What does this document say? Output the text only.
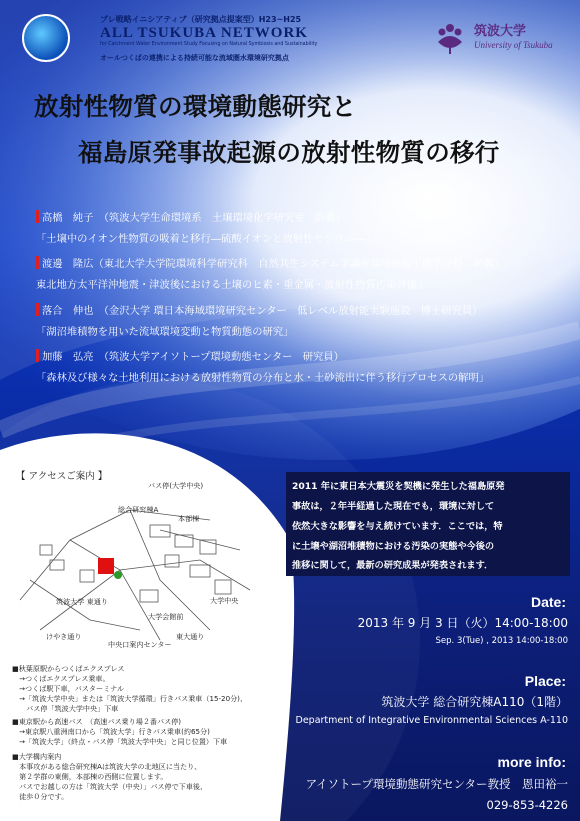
プレ戦略イニシアティブ（研究拠点提案型）H23~H25
ALL TSUKUBA NETWORK
for Catchment Water Environment Study Focusing on Natural Symbiosis and Sustainability
オールつくばの連携による持続可能な流域圏水環境研究拠点
筑波大学
University of Tsukuba
放射性物質の環境動態研究と
福島原発事故起源の放射性物質の移行
高橋　純子　（筑波大学生命環境系　土壌環境化学研究室　助教）
「土壌中のイオン性物質の吸着と移行―硫酸イオンと放射性セシウム―」
渡邊　隆広（東北大学大学院環境科学研究科　自然共生システム学講座環境修復生態学分野　助教）
東北地方太平洋沖地震・津波後における土壌のヒ素・重金属・放射性物質汚染評価」
落合　伸也　（金沢大学 環日本海域環境研究センター　低レベル放射能実験施設　博士研究員）
「湖沼堆積物を用いた流域環境変動と物質動態の研究」
加藤　弘亮　（筑波大学アイソトープ環境動態センター　研究員）
「森林及び様々な土地利用における放射性物質の分布と水・土砂流出に伴う移行プロセスの解明」
【 アクセスご案内 】
バス停(大学中央)
総合研究棟A
本部棟
筑波大学 東通り
大学会館前
けやき通り
中央口案内センター
東大通り
大学中央
■秋葉原駅からつくばエクスプレス
　→つくばエクスプレス乗車。
　→つくば駅下車，バスターミナル
　→「筑波大学中央」または「筑波大学循環」行きバス乗車（15-20分)、
　　バス停「筑波大学中央」下車
■東京駅から高速バス　（高速バス乗り場２番バス停)
　→東京駅八重洲南口から「筑波大学」行きバス乗車(約65分)
　→「筑波大学」（終点・バス停「筑波大学中央」と同じ位置）下車
■大学構内案内
　本事攻がある総合研究棟Aは筑波大学の北地区に当たり、
　第２学群の東側，本部棟の西側に位置します。
　バスでお越しの方は「筑波大学（中央）」バス停で下車後、
　徒歩０分です。
2011 年に東日本大震災を契機に発生した福島原発
事故は，２年半経過した現在でも，環境に対して
依然大きな影響を与え続けています．ここでは，特
に土壌や湖沼堆積物における汚染の実態や今後の
推移に関して，最新の研究成果が発表されます．
Date:
2013 年 9 月 3 日（火）14:00-18:00
Sep. 3(Tue) , 2013 14:00-18:00
Place:
筑波大学 総合研究棟A110（1階）
Department of Integrative Environmental Sciences A-110
more info:
アイソトープ環境動態研究センター教授　恩田裕一
029-853-4226
